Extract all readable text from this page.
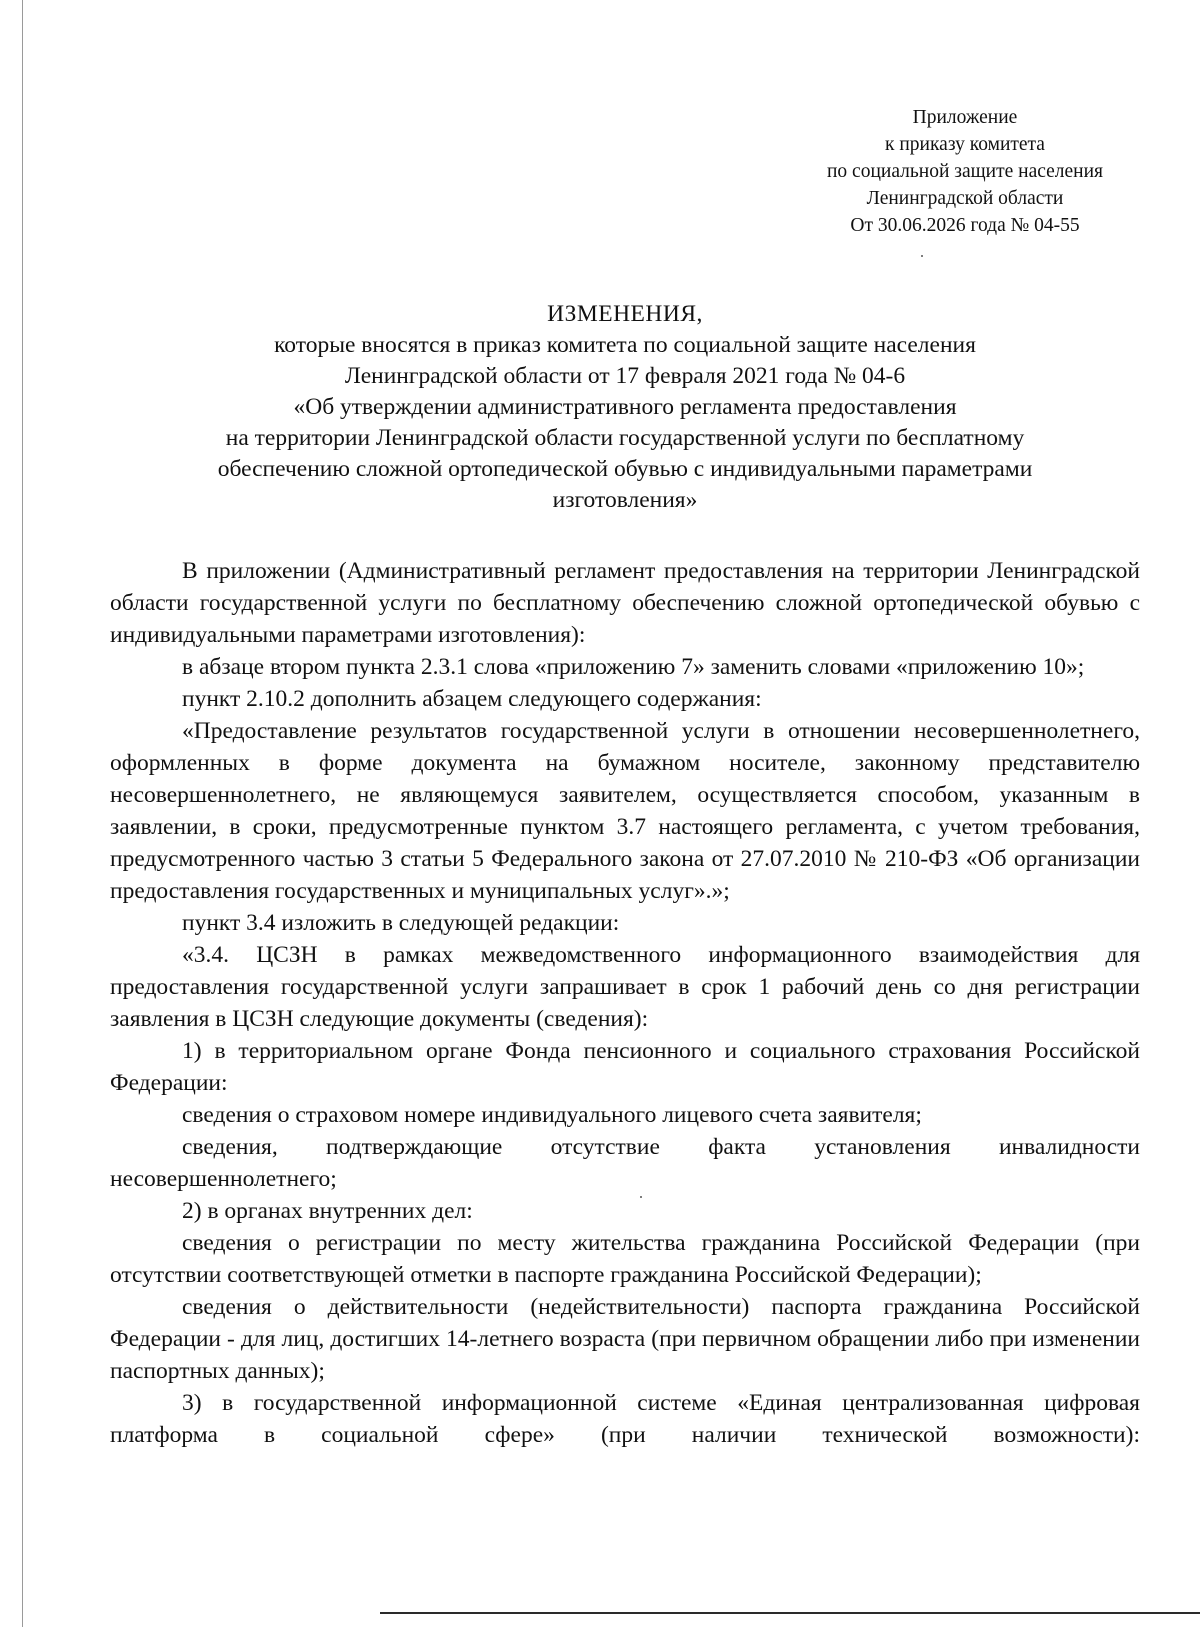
Приложение
к приказу комитета
по социальной защите населения
Ленинградской области
От 30.06.2026 года № 04-55
ИЗМЕНЕНИЯ,
которые вносятся в приказ комитета по социальной защите населения
Ленинградской области от 17 февраля 2021 года № 04-6
«Об утверждении административного регламента предоставления
на территории Ленинградской области государственной услуги по бесплатному
обеспечению сложной ортопедической обувью с индивидуальными параметрами
изготовления»

В приложении (Административный регламент предоставления на территории Ленинградской области государственной услуги по бесплатному обеспечению сложной ортопедической обувью с индивидуальными параметрами изготовления):

в абзаце втором пункта 2.3.1 слова «приложению 7» заменить словами «приложению 10»;

пункт 2.10.2 дополнить абзацем следующего содержания:

«Предоставление результатов государственной услуги в отношении несовершеннолетнего, оформленных в форме документа на бумажном носителе, законному представителю несовершеннолетнего, не являющемуся заявителем, осуществляется способом, указанным в заявлении, в сроки, предусмотренные пунктом 3.7 настоящего регламента, с учетом требования, предусмотренного частью 3 статьи 5 Федерального закона от 27.07.2010 № 210-ФЗ «Об организации предоставления государственных и муниципальных услуг».»;

пункт 3.4 изложить в следующей редакции:

«3.4. ЦСЗН в рамках межведомственного информационного взаимодействия для предоставления государственной услуги запрашивает в срок 1 рабочий день со дня регистрации заявления в ЦСЗН следующие документы (сведения):

1) в территориальном органе Фонда пенсионного и социального страхования Российской Федерации:

сведения о страховом номере индивидуального лицевого счета заявителя;

сведения, подтверждающие отсутствие факта установления инвалидности несовершеннолетнего;

2) в органах внутренних дел:

сведения о регистрации по месту жительства гражданина Российской Федерации (при отсутствии соответствующей отметки в паспорте гражданина Российской Федерации);

сведения о действительности (недействительности) паспорта гражданина Российской Федерации - для лиц, достигших 14-летнего возраста (при первичном обращении либо при изменении паспортных данных);

3) в государственной информационной системе «Единая централизованная цифровая платформа в социальной сфере» (при наличии технической возможности):
